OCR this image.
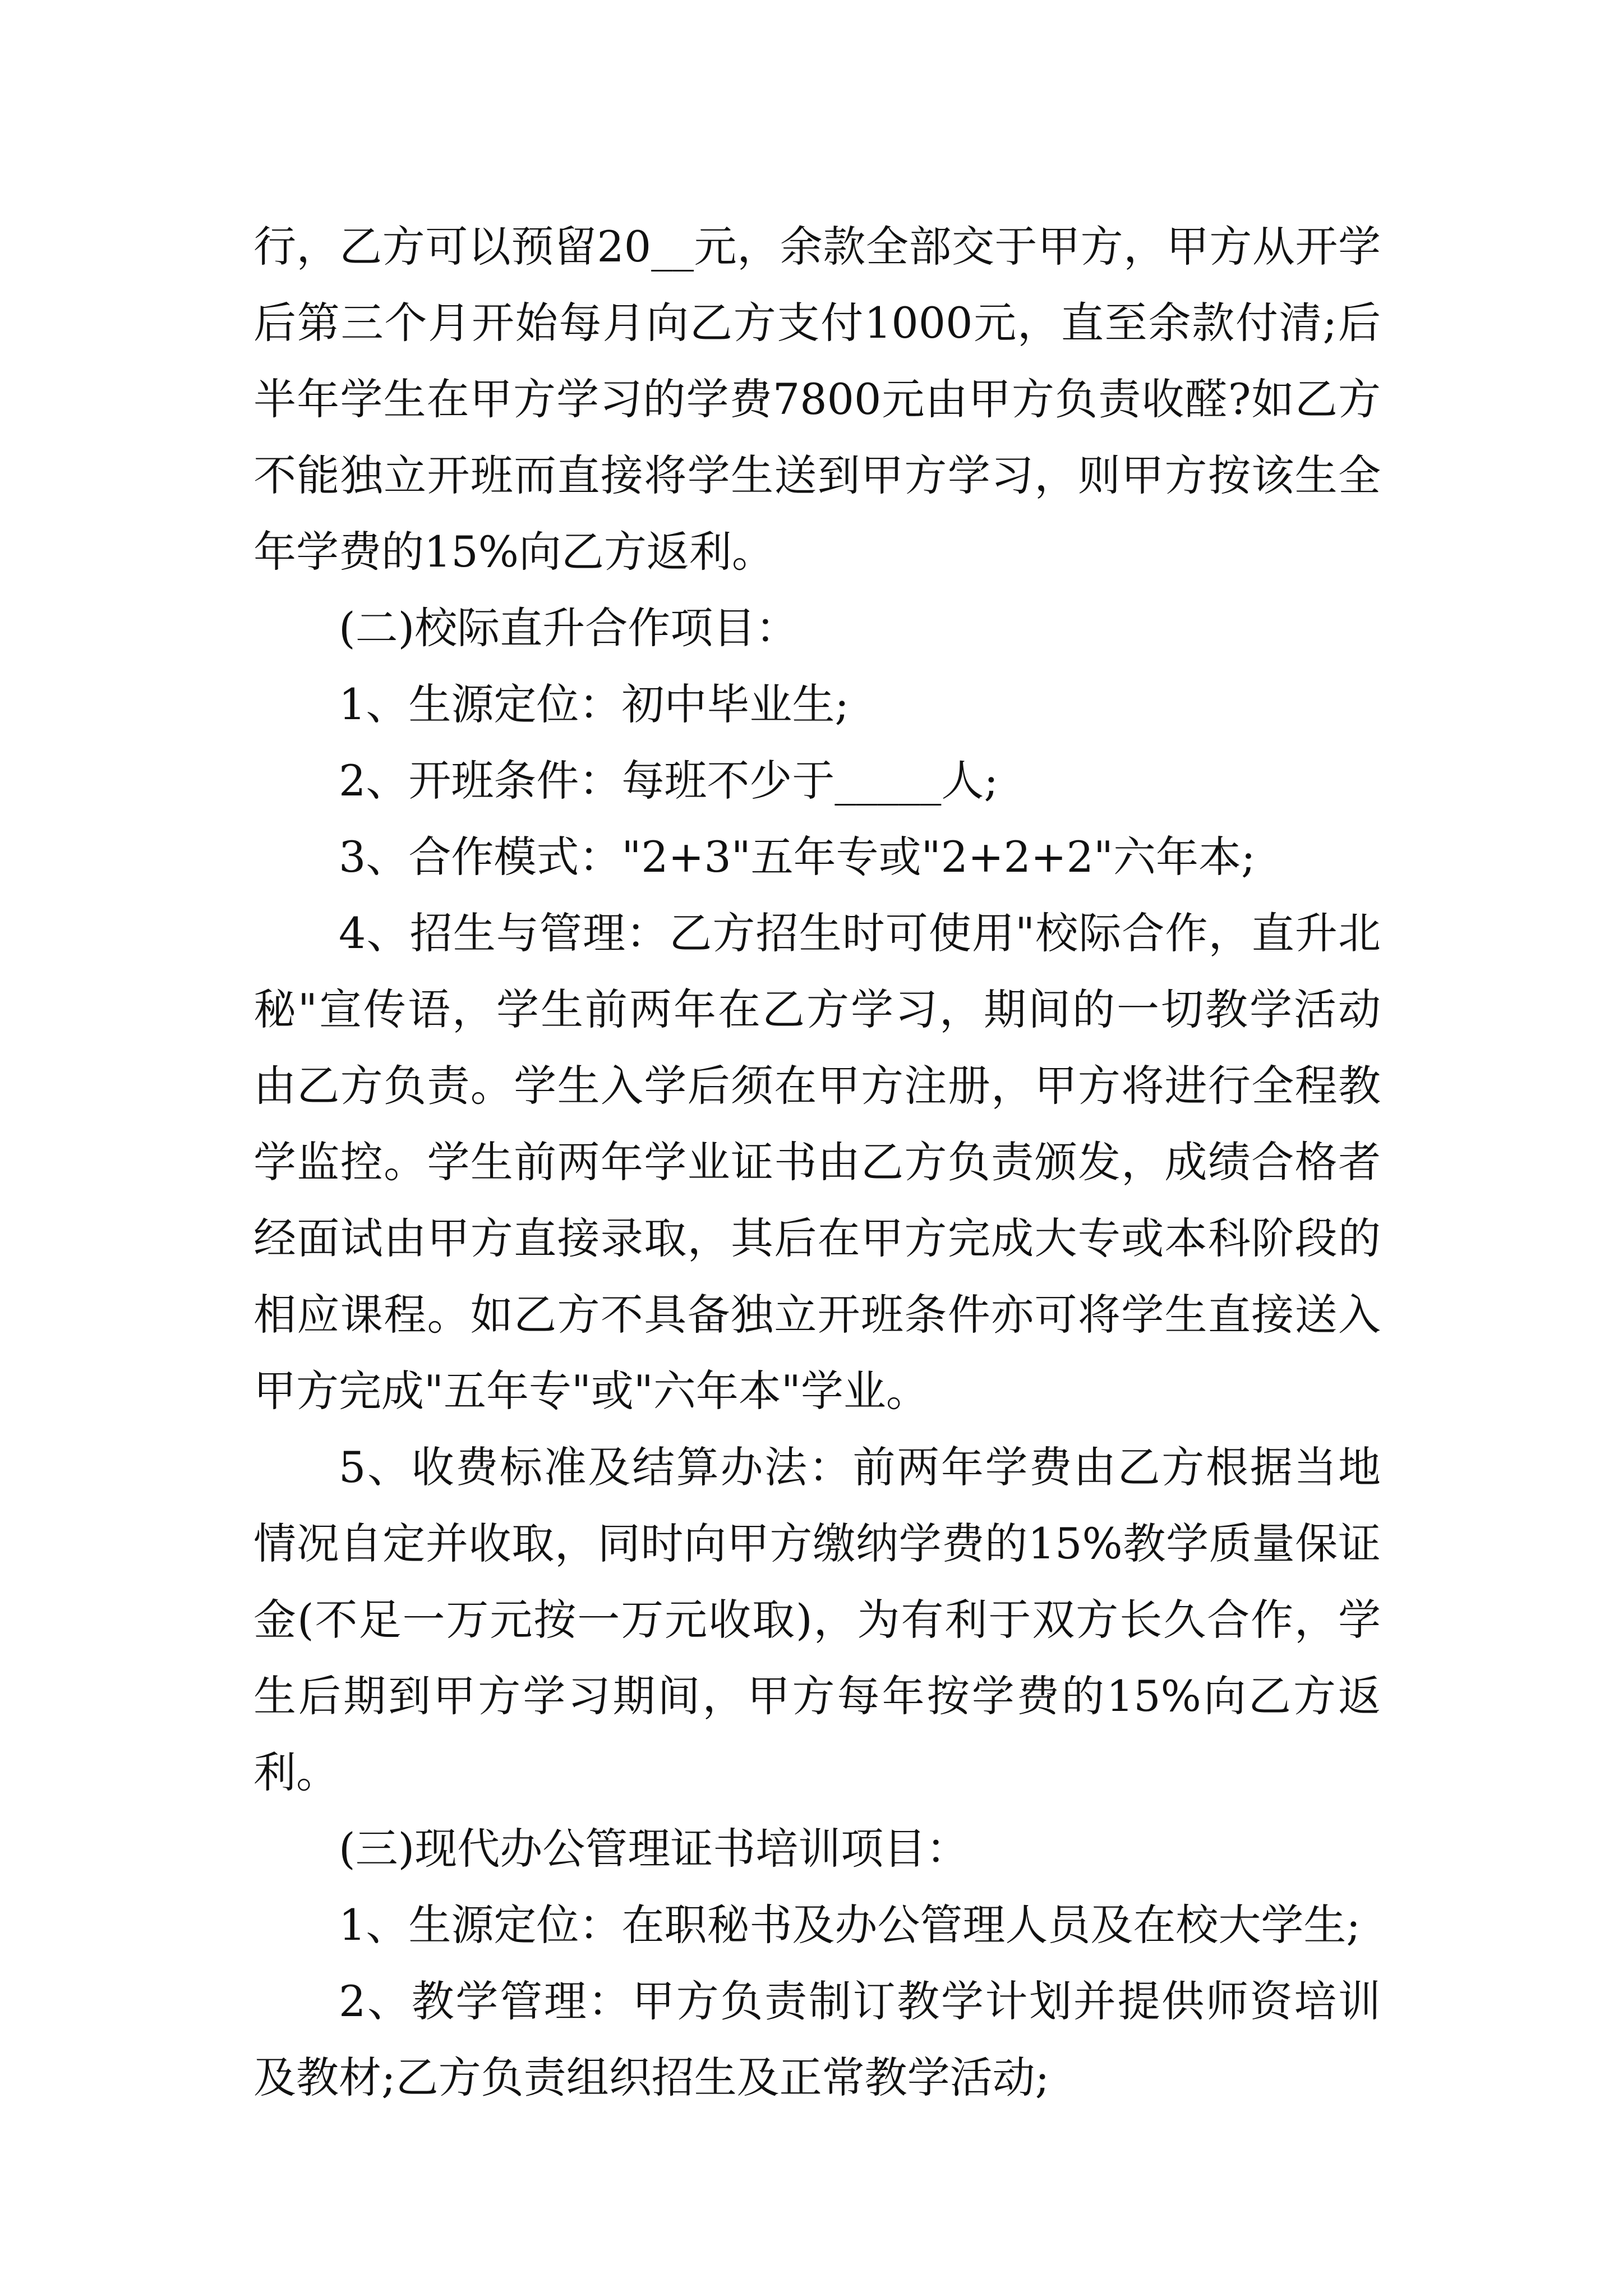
行，乙方可以预留20__元，余款全部交于甲方，甲方从开学后第三个月开始每月向乙方支付1000元，直至余款付清;后半年学生在甲方学习的学费7800元由甲方负责收醛?如乙方不能独立开班而直接将学生送到甲方学习，则甲方按该生全年学费的15%向乙方返利。

(二)校际直升合作项目：

1、生源定位：初中毕业生;

2、开班条件：每班不少于_____人;

3、合作模式："2+3"五年专或"2+2+2"六年本;

4、招生与管理：乙方招生时可使用"校际合作，直升北秘"宣传语，学生前两年在乙方学习，期间的一切教学活动由乙方负责。学生入学后须在甲方注册，甲方将进行全程教学监控。学生前两年学业证书由乙方负责颁发，成绩合格者经面试由甲方直接录取，其后在甲方完成大专或本科阶段的相应课程。如乙方不具备独立开班条件亦可将学生直接送入甲方完成"五年专"或"六年本"学业。

5、收费标准及结算办法：前两年学费由乙方根据当地情况自定并收取，同时向甲方缴纳学费的15%教学质量保证金(不足一万元按一万元收取)，为有利于双方长久合作，学生后期到甲方学习期间，甲方每年按学费的15%向乙方返利。

(三)现代办公管理证书培训项目：

1、生源定位：在职秘书及办公管理人员及在校大学生;

2、教学管理：甲方负责制订教学计划并提供师资培训及教材;乙方负责组织招生及正常教学活动;
